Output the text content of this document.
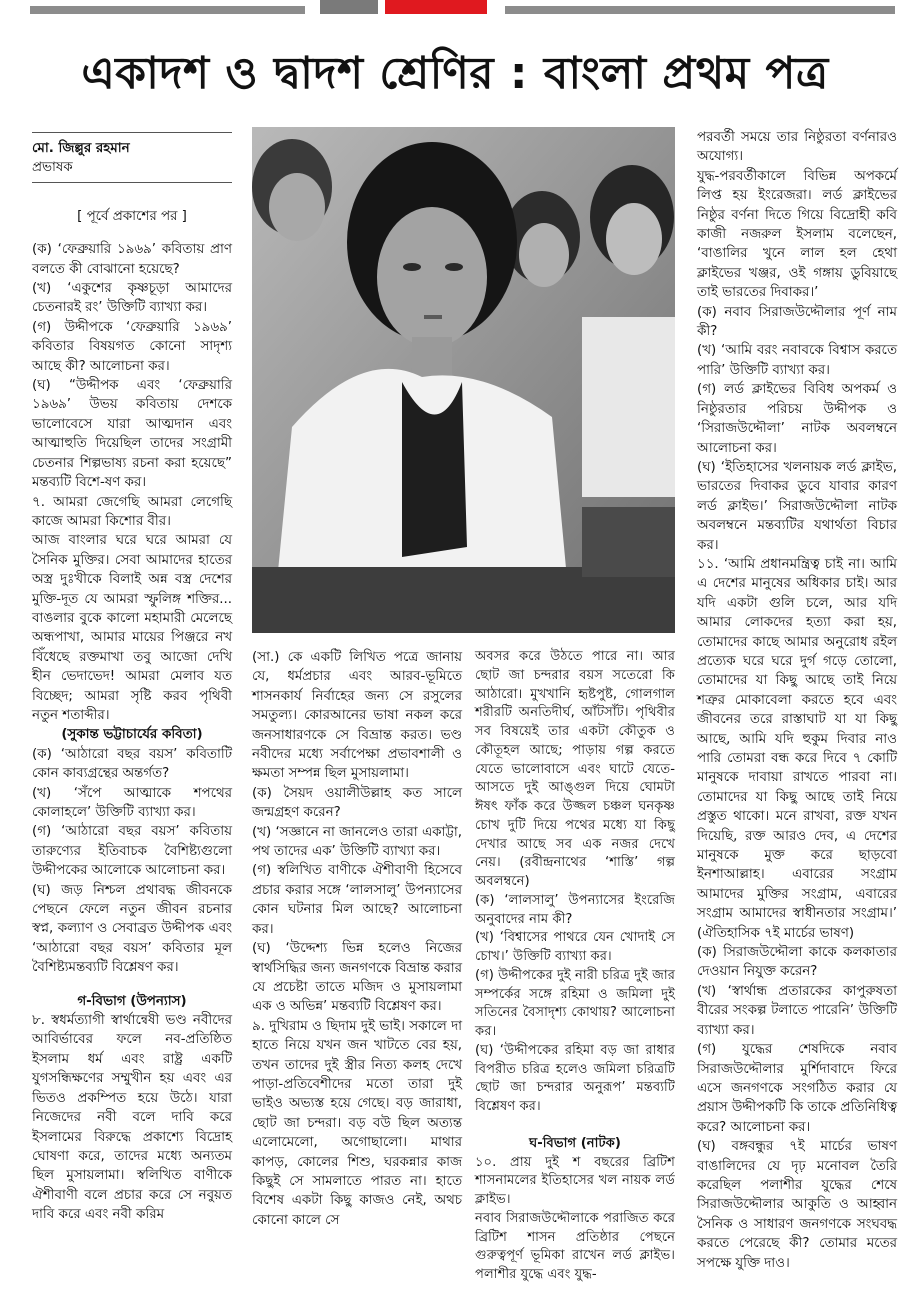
একাদশ ও দ্বাদশ শ্রেণির : বাংলা প্রথম পত্র

মো. জিল্লুর রহমান

প্রভাষক

[ পূর্বে প্রকাশের পর ]

(ক) ‘ফেব্রুয়ারি ১৯৬৯’ কবিতায় প্রাণ বলতে কী বোঝানো হয়েছে?

(খ) ‘একুশের কৃষ্ণচূড়া আমাদের চেতনারই রং’ উক্তিটি ব্যাখ্যা কর।

(গ) উদ্দীপকে ‘ফেব্রুয়ারি ১৯৬৯’ কবিতার বিষয়গত কোনো সাদৃশ্য আছে কী? আলোচনা কর।

(ঘ) “উদ্দীপক এবং ‘ফেব্রুয়ারি ১৯৬৯’ উভয় কবিতায় দেশকে ভালোবেসে যারা আত্মদান এবং আত্মাহুতি দিয়েছিল তাদের সংগ্রামী চেতনার শিল্পভাষ্য রচনা করা হয়েছে” মন্তব্যটি বিশে-ষণ কর।

৭. আমরা জেগেছি আমরা লেগেছি কাজে আমরা কিশোর বীর।

আজ বাংলার ঘরে ঘরে আমরা যে সৈনিক মুক্তির। সেবা আমাদের হাতের অস্ত্র দুঃখীকে বিলাই অন্ন বস্ত্র দেশের মুক্তি-দূত যে আমরা স্ফুলিঙ্গ শক্তির... বাঙলার বুকে কালো মহামারী মেলেছে অন্ধপাখা, আমার মায়ের পিঞ্জরে নখ বিঁধেছে রক্তমাখা তবু আজো দেখি হীন ভেদাভেদ! আমরা মেলাব যত বিচ্ছেদ; আমরা সৃষ্টি করব পৃথিবী নতুন শতাব্দীর।

(সুকান্ত ভট্টাচার্যের কবিতা)

(ক) ‘আঠারো বছর বয়স’ কবিতাটি কোন কাব্যগ্রন্থের অন্তর্গত?

(খ) ‘সঁপে আত্মাকে শপথের কোলাহলে’ উক্তিটি ব্যাখ্যা কর।

(গ) ‘আঠারো বছর বয়স’ কবিতায় তারুণ্যের ইতিবাচক বৈশিষ্ট্যগুলো উদ্দীপকের আলোকে আলোচনা কর।

(ঘ) জড় নিশ্চল প্রথাবদ্ধ জীবনকে পেছনে ফেলে নতুন জীবন রচনার স্বপ্ন, কল্যাণ ও সেবাব্রত উদ্দীপক এবং ‘আঠারো বছর বয়স’ কবিতার মূল বৈশিষ্ট্যমন্তব্যটি বিশ্লেষণ কর।

গ-বিভাগ (উপন্যাস)

৮. স্বধর্মত্যাগী স্বার্থান্বেষী ভণ্ড নবীদের আবির্ভাবের ফলে নব-প্রতিষ্ঠিত ইসলাম ধর্ম এবং রাষ্ট্র একটি যুগসন্ধিক্ষণের সম্মুখীন হয় এবং এর ভিতও প্রকম্পিত হয়ে উঠে। যারা নিজেদের নবী বলে দাবি করে ইসলামের বিরুদ্ধে প্রকাশ্যে বিদ্রোহ ঘোষণা করে, তাদের মধ্যে অন্যতম ছিল মুসায়লামা। স্বলিখিত বাণীকে ঐশীবাণী বলে প্রচার করে সে নবুয়ত দাবি করে এবং নবী করিম

(সা.) কে একটি লিখিত পত্রে জানায় যে, ধর্মপ্রচার এবং আরব-ভূমিতে শাসনকার্য নির্বাহের জন্য সে রসুলের সমতুল্য। কোরআনের ভাষা নকল করে জনসাধারণকে সে বিভ্রান্ত করত। ভণ্ড নবীদের মধ্যে সর্বাপেক্ষা প্রভাবশালী ও ক্ষমতা সম্পন্ন ছিল মুসায়লামা।

(ক) সৈয়দ ওয়ালীউল্লাহ কত সালে জন্মগ্রহণ করেন?

(খ) ‘সজ্ঞানে না জানলেও তারা একাট্টা, পথ তাদের এক’ উক্তিটি ব্যাখ্যা কর।

(গ) স্বলিখিত বাণীকে ঐশীবাণী হিসেবে প্রচার করার সঙ্গে ‘লালসালু’ উপন্যাসের কোন ঘটনার মিল আছে? আলোচনা কর।

(ঘ) ‘উদ্দেশ্য ভিন্ন হলেও নিজের স্বার্থসিদ্ধির জন্য জনগণকে বিভ্রান্ত করার যে প্রচেষ্টা তাতে মজিদ ও মুসায়লামা এক ও অভিন্ন’ মন্তব্যটি বিশ্লেষণ কর।

৯. দুখিরাম ও ছিদাম দুই ভাই। সকালে দা হাতে নিয়ে যখন জন খাটতে বের হয়, তখন তাদের দুই স্ত্রীর নিত্য কলহ দেখে পাড়া-প্রতিবেশীদের মতো তারা দুই ভাইও অভ্যস্ত হয়ে গেছে। বড় জারাধা, ছোট জা চন্দরা। বড় বউ ছিল অত্যন্ত এলোমেলো, অগোছালো। মাথার কাপড়, কোলের শিশু, ঘরকন্নার কাজ কিছুই সে সামলাতে পারত না। হাতে বিশেষ একটা কিছু কাজও নেই, অথচ কোনো কালে সে

অবসর করে উঠতে পারে না। আর ছোট জা চন্দরার বয়স সতেরো কি আঠারো। মুখখানি হৃষ্টপুষ্ট, গোলগাল শরীরটি অনতিদীর্ঘ, আঁটসাঁট। পৃথিবীর সব বিষয়েই তার একটা কৌতুক ও কৌতূহল আছে; পাড়ায় গল্প করতে যেতে ভালোবাসে এবং ঘাটে যেতে-আসতে দুই আঙ্গুল দিয়ে ঘোমটা ঈষৎ ফাঁক করে উজ্জল চঞ্চল ঘনকৃষ্ণ চোখ দুটি দিয়ে পথের মধ্যে যা কিছু দেখার আছে সব এক নজর দেখে নেয়। (রবীন্দ্রনাথের ‘শাস্তি’ গল্প অবলম্বনে)

(ক) ‘লালসালু’ উপন্যাসের ইংরেজি অনুবাদের নাম কী?

(খ) ‘বিশ্বাসের পাথরে যেন খোদাই সে চোখ।’ উক্তিটি ব্যাখ্যা কর।

(গ) উদ্দীপকের দুই নারী চরিত্র দুই জার সম্পর্কের সঙ্গে রহিমা ও জমিলা দুই সতিনের বৈসাদৃশ্য কোথায়? আলোচনা কর।

(ঘ) ‘উদ্দীপকের রহিমা বড় জা রাধার বিপরীত চরিত্র হলেও জমিলা চরিত্রটি ছোট জা চন্দরার অনুরূপ’ মন্তব্যটি বিশ্লেষণ কর।

ঘ-বিভাগ (নাটক)

১০. প্রায় দুই শ বছরের ব্রিটিশ শাসনামলের ইতিহাসের খল নায়ক লর্ড ক্লাইভ।

নবাব সিরাজউদ্দৌলাকে পরাজিত করে ব্রিটিশ শাসন প্রতিষ্ঠার পেছনে গুরুত্বপূর্ণ ভূমিকা রাখেন লর্ড ক্লাইভ। পলাশীর যুদ্ধে এবং যুদ্ধ-

পরবর্তী সময়ে তার নিষ্ঠুরতা বর্ণনারও অযোগ্য।

যুদ্ধ-পরবর্তীকালে বিভিন্ন অপকর্মে লিপ্ত হয় ইংরেজরা। লর্ড ক্লাইভের নিষ্ঠুর বর্ণনা দিতে গিয়ে বিদ্রোহী কবি কাজী নজরুল ইসলাম বলেছেন, ‘বাঙালির খুনে লাল হল হেথা ক্লাইভের খঞ্জর, ওই গঙ্গায় ডুবিয়াছে তাই ভারতের দিবাকর।’

(ক) নবাব সিরাজউদ্দৌলার পূর্ণ নাম কী?

(খ) ‘আমি বরং নবাবকে বিশ্বাস করতে পারি’ উক্তিটি ব্যাখ্যা কর।

(গ) লর্ড ক্লাইভের বিবিধ অপকর্ম ও নিষ্ঠুরতার পরিচয় উদ্দীপক ও ‘সিরাজউদ্দৌলা’ নাটক অবলম্বনে আলোচনা কর।

(ঘ) ‘ইতিহাসের খলনায়ক লর্ড ক্লাইভ, ভারতের দিবাকর ডুবে যাবার কারণ লর্ড ক্লাইভ।’ সিরাজউদ্দৌলা নাটক অবলম্বনে মন্তব্যটির যথার্থতা বিচার কর।

১১. ‘আমি প্রধানমন্ত্রিত্ব চাই না। আমি এ দেশের মানুষের অধিকার চাই। আর যদি একটা গুলি চলে, আর যদি আমার লোকদের হত্যা করা হয়, তোমাদের কাছে আমার অনুরোধ রইল প্রত্যেক ঘরে ঘরে দুর্গ গড়ে তোলো, তোমাদের যা কিছু আছে তাই নিয়ে শত্রুর মোকাবেলা করতে হবে এবং জীবনের তরে রাস্তাঘাট যা যা কিছু আছে, আমি যদি হুকুম দিবার নাও পারি তোমরা বন্ধ করে দিবে ৭ কোটি মানুষকে দাবায়া রাখতে পারবা না। তোমাদের যা কিছু আছে তাই নিয়ে প্রস্তুত থাকো। মনে রাখবা, রক্ত যখন দিয়েছি, রক্ত আরও দেব, এ দেশের মানুষকে মুক্ত করে ছাড়বো ইনশাআল্লাহ। এবারের সংগ্রাম আমাদের মুক্তির সংগ্রাম, এবারের সংগ্রাম আমাদের স্বাধীনতার সংগ্রাম।’ (ঐতিহাসিক ৭ই মার্চের ভাষণ)

(ক) সিরাজউদ্দৌলা কাকে কলকাতার দেওয়ান নিযুক্ত করেন?

(খ) ‘স্বার্থান্ধ প্রতারকের কাপুরুষতা বীরের সংকল্প টলাতে পারেনি’ উক্তিটি ব্যাখ্যা কর।

(গ) যুদ্ধের শেষদিকে নবাব সিরাজউদ্দৌলার মুর্শিদাবাদে ফিরে এসে জনগণকে সংগঠিত করার যে প্রয়াস উদ্দীপকটি কি তাকে প্রতিনিধিত্ব করে? আলোচনা কর।

(ঘ) বঙ্গবন্ধুর ৭ই মার্চের ভাষণ বাঙালিদের যে দৃঢ় মনোবল তৈরি করেছিল পলাশীর যুদ্ধের শেষে সিরাজউদ্দৌলার আকুতি ও আহ্বান সৈনিক ও সাধারণ জনগণকে সংঘবদ্ধ করতে পেরেছে কী? তোমার মতের সপক্ষে যুক্তি দাও।
